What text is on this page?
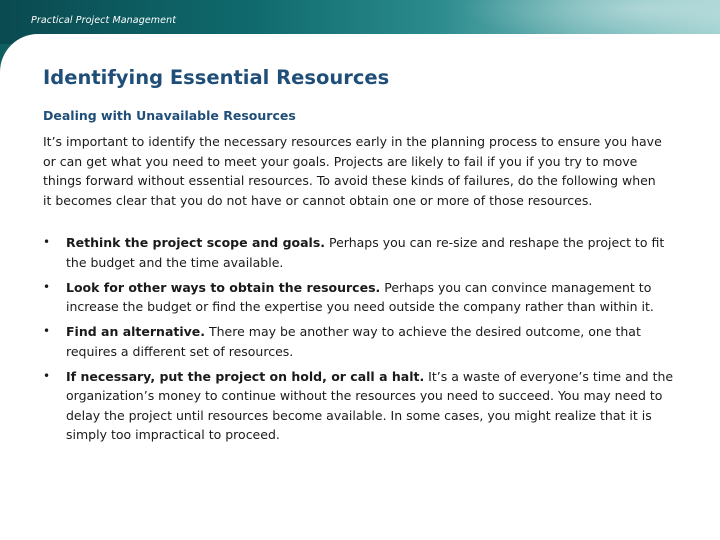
Practical Project Management
Identifying Essential Resources
Dealing with Unavailable Resources

It’s important to identify the necessary resources early in the planning process to ensure you have or can get what you need to meet your goals. Projects are likely to fail if you if you try to move things forward without essential resources. To avoid these kinds of failures, do the following when it becomes clear that you do not have or cannot obtain one or more of those resources.

• Rethink the project scope and goals. Perhaps you can re-size and reshape the project to fit the budget and the time available.
• Look for other ways to obtain the resources. Perhaps you can convince management to increase the budget or find the expertise you need outside the company rather than within it.
• Find an alternative. There may be another way to achieve the desired outcome, one that requires a different set of resources.
• If necessary, put the project on hold, or call a halt. It’s a waste of everyone’s time and the organization’s money to continue without the resources you need to succeed. You may need to delay the project until resources become available. In some cases, you might realize that it is simply too impractical to proceed.
